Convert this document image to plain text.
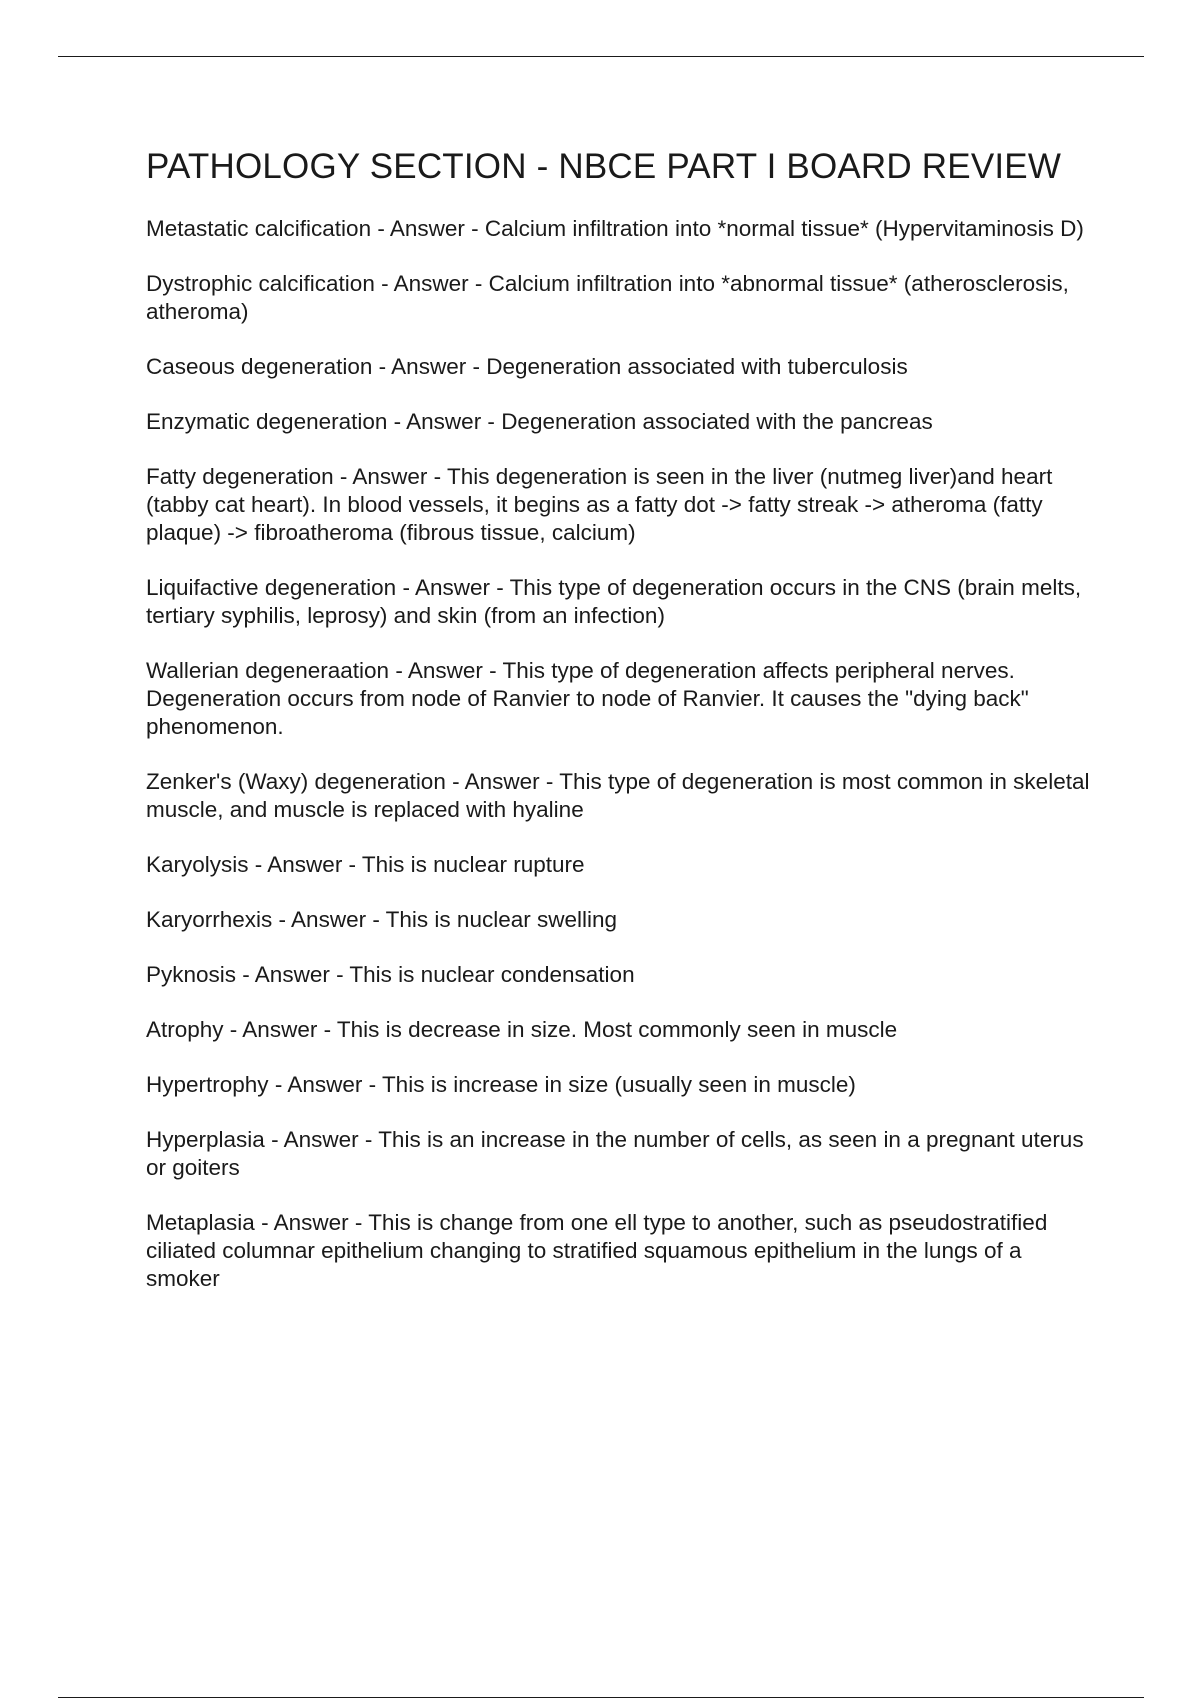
PATHOLOGY SECTION - NBCE PART I BOARD REVIEW
Metastatic calcification - Answer - Calcium infiltration into *normal tissue* (Hypervitaminosis D)
Dystrophic calcification - Answer - Calcium infiltration into *abnormal tissue* (atherosclerosis, atheroma)
Caseous degeneration - Answer - Degeneration associated with tuberculosis
Enzymatic degeneration - Answer - Degeneration associated with the pancreas
Fatty degeneration - Answer - This degeneration is seen in the liver (nutmeg liver)and heart (tabby cat heart). In blood vessels, it begins as a fatty dot -> fatty streak -> atheroma (fatty plaque) -> fibroatheroma (fibrous tissue, calcium)
Liquifactive degeneration - Answer - This type of degeneration occurs in the CNS (brain melts, tertiary syphilis, leprosy) and skin (from an infection)
Wallerian degeneraation - Answer - This type of degeneration affects peripheral nerves. Degeneration occurs from node of Ranvier to node of Ranvier. It causes the "dying back" phenomenon.
Zenker's (Waxy) degeneration - Answer - This type of degeneration is most common in skeletal muscle, and muscle is replaced with hyaline
Karyolysis - Answer - This is nuclear rupture
Karyorrhexis - Answer - This is nuclear swelling
Pyknosis - Answer - This is nuclear condensation
Atrophy - Answer - This is decrease in size. Most commonly seen in muscle
Hypertrophy - Answer - This is increase in size (usually seen in muscle)
Hyperplasia - Answer - This is an increase in the number of cells, as seen in a pregnant uterus or goiters
Metaplasia - Answer - This is change from one ell type to another, such as pseudostratified ciliated columnar epithelium changing to stratified squamous epithelium in the lungs of a smoker
